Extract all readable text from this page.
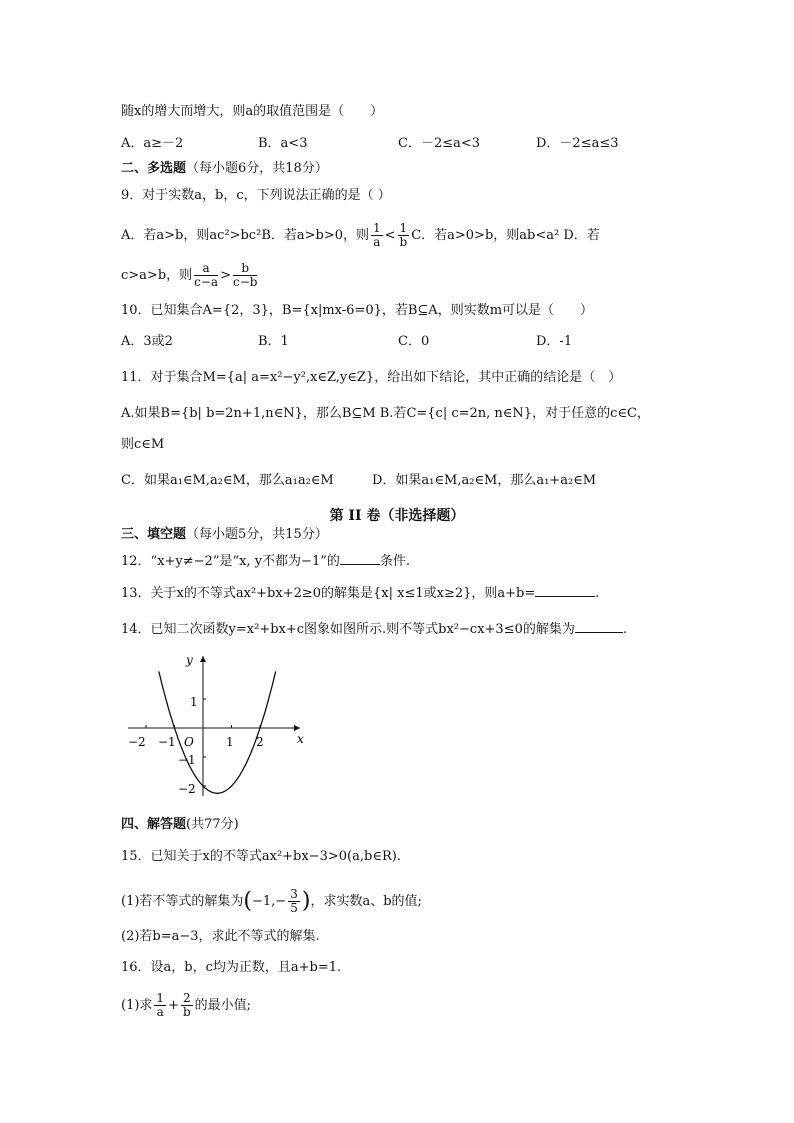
随x的增大而增大，则a的取值范围是（　　）
A．a≥－2	B．a<3	C．－2≤a<3	D．－2≤a≤3
二、多选题（每小题6分，共18分）
9．对于实数a，b，c，下列说法正确的是（ ）
A．若a>b，则ac²>bc²B．若a>b>0，则 $\frac{1}{a} < \frac{1}{b}$ C．若a>0>b，则ab<a² D．若
c>a>b，则 $\frac{a}{c-a} > \frac{b}{c-b}$
10．已知集合A={2，3}，B={x|mx-6=0}，若B⊆A，则实数m可以是（　　）
A．3或2	B．1	C．0	D．-1
11．对于集合M={a| a=x²−y²,x∈Z,y∈Z}，给出如下结论，其中正确的结论是（　）
A.如果B={b| b=2n+1,n∈N}，那么B⊆M B.若C={c| c=2n, n∈N}，对于任意的c∈C，
则c∈M
C．如果a₁∈M,a₂∈M，那么a₁a₂∈M	D．如果a₁∈M,a₂∈M，那么a₁+a₂∈M
第 II 卷（非选择题）
三、填空题（每小题5分，共15分）
12．“x+y≠−2”是“x, y不都为−1”的	条件.
13．关于x的不等式ax²+bx+2≥0的解集是{x| x≤1或x≥2}，则a+b=	.
14．已知二次函数y=x²+bx+c图象如图所示.则不等式bx²−cx+3≤0的解集为	.
x
y
O
−2 −1	1 2
1
−1
−2
四、解答题(共77分)
15．已知关于x的不等式ax²+bx−3>0(a,b∈R).
(1)若不等式的解集为($-1,- \frac{3}{5}$ )，求实数a、b的值;
(2)若b=a−3，求此不等式的解集.
16．设a，b，c均为正数，且a+b=1.
(1)求 $\frac{1}{a} + \frac{2}{b}$ 的最小值;
